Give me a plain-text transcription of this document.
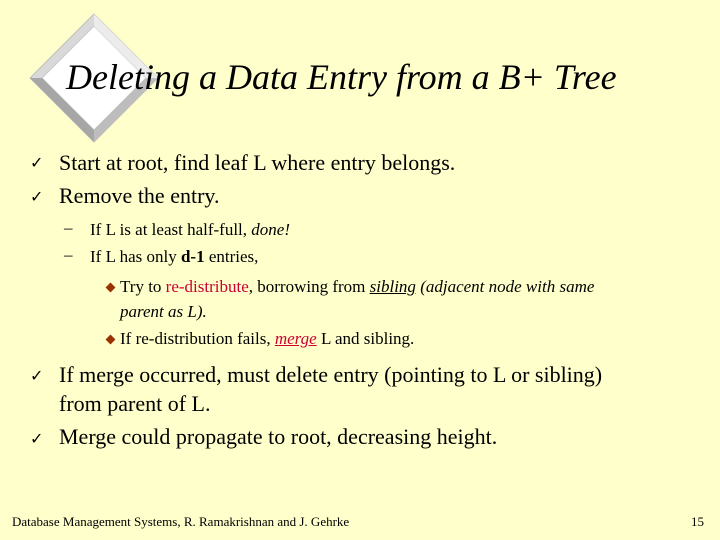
Deleting a Data Entry from a B+ Tree
✓ Start at root, find leaf L where entry belongs.
✓ Remove the entry.
– If L is at least half-full, done!
– If L has only d-1 entries,
Try to re-distribute, borrowing from sibling (adjacent node with same
parent as L).
If re-distribution fails, merge L and sibling.
✓ If merge occurred, must delete entry (pointing to L or sibling)
from parent of L.
✓ Merge could propagate to root, decreasing height.
Database Management Systems, R. Ramakrishnan and J. Gehrke	15
